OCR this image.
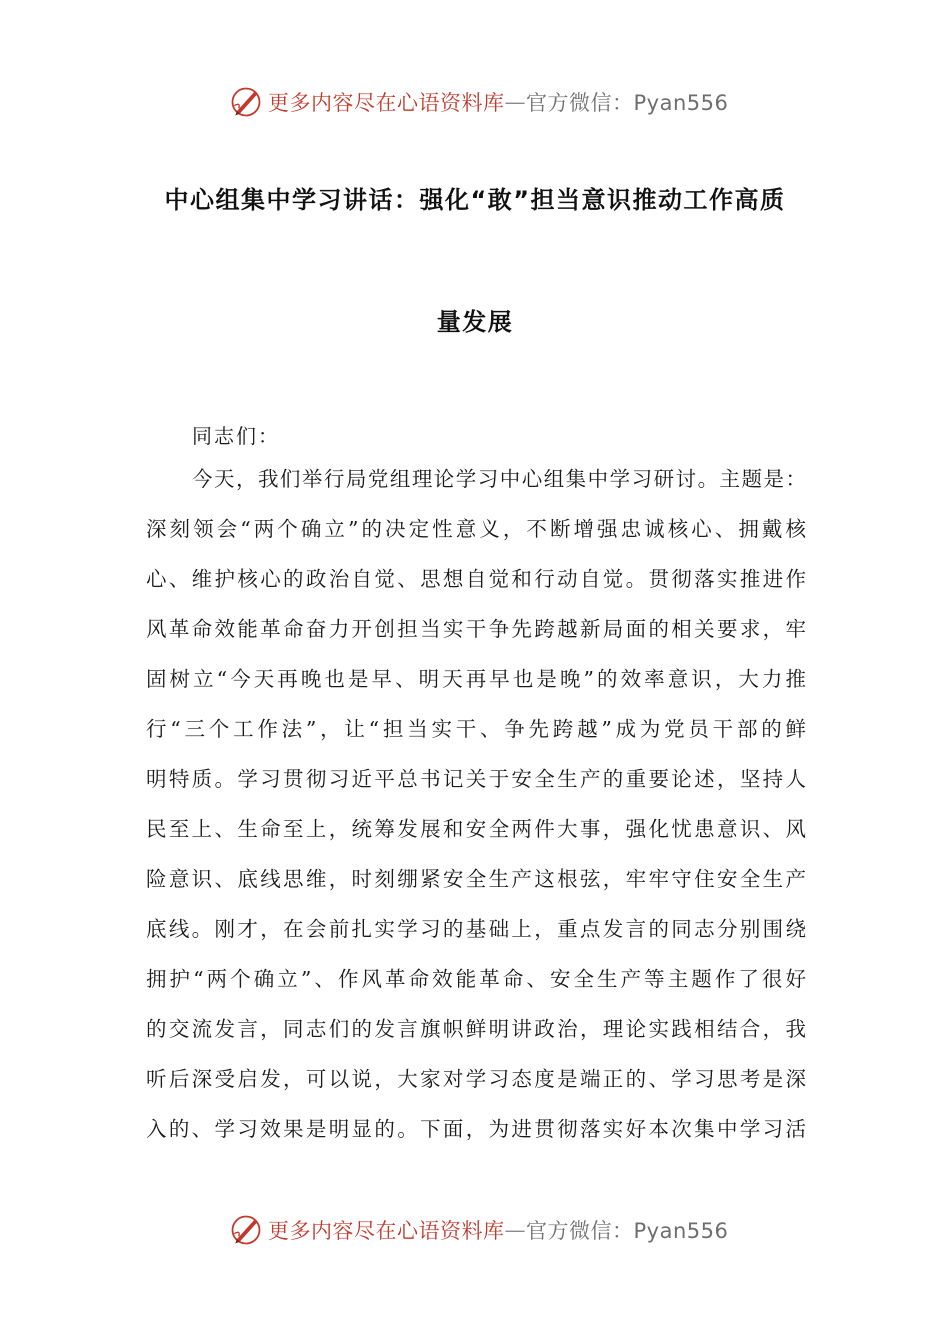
更多内容尽在心语资料库 — 官方微信：Pyan556
中心组集中学习讲话：强化“敢”担当意识推动工作高质
量发展

同志们：

今天，我们举行局党组理论学习中心组集中学习研讨。主题是：
深刻领会“两个确立”的决定性意义，不断增强忠诚核心、拥戴核
心、维护核心的政治自觉、思想自觉和行动自觉。贯彻落实推进作
风革命效能革命奋力开创担当实干争先跨越新局面的相关要求，牢
固树立“今天再晚也是早、明天再早也是晚”的效率意识，大力推
行“三个工作法”，让“担当实干、争先跨越”成为党员干部的鲜
明特质。学习贯彻习近平总书记关于安全生产的重要论述，坚持人
民至上、生命至上，统筹发展和安全两件大事，强化忧患意识、风
险意识、底线思维，时刻绷紧安全生产这根弦，牢牢守住安全生产
底线。刚才，在会前扎实学习的基础上，重点发言的同志分别围绕
拥护“两个确立”、作风革命效能革命、安全生产等主题作了很好
的交流发言，同志们的发言旗帜鲜明讲政治，理论实践相结合，我
听后深受启发，可以说，大家对学习态度是端正的、学习思考是深
入的、学习效果是明显的。下面，为进贯彻落实好本次集中学习活
更多内容尽在心语资料库 — 官方微信：Pyan556
